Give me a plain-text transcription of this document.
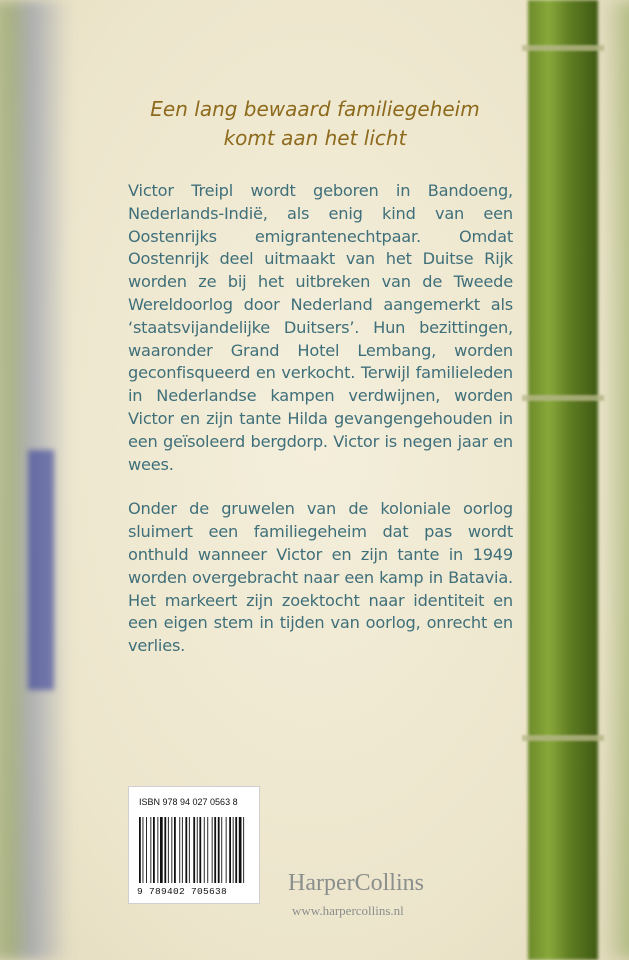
Een lang bewaard familiegeheim
komt aan het licht

Victor Treipl wordt geboren in Bandoeng, Nederlands-Indië, als enig kind van een Oostenrijks emigrantenechtpaar. Omdat Oostenrijk deel uitmaakt van het Duitse Rijk worden ze bij het uitbreken van de Tweede Wereldoorlog door Nederland aangemerkt als ‘staatsvijandelijke Duitsers’. Hun bezittingen, waaronder Grand Hotel Lembang, worden geconfisqueerd en verkocht. Terwijl familieleden in Nederlandse kampen verdwijnen, worden Victor en zijn tante Hilda gevangengehouden in een geïsoleerd bergdorp. Victor is negen jaar en wees.

Onder de gruwelen van de koloniale oorlog sluimert een familiegeheim dat pas wordt onthuld wanneer Victor en zijn tante in 1949 worden overgebracht naar een kamp in Batavia. Het markeert zijn zoektocht naar identiteit en een eigen stem in tijden van oorlog, onrecht en verlies.

ISBN 978 94 027 0563 8
9 789402 705638	HarperCollins
www.harpercollins.nl
